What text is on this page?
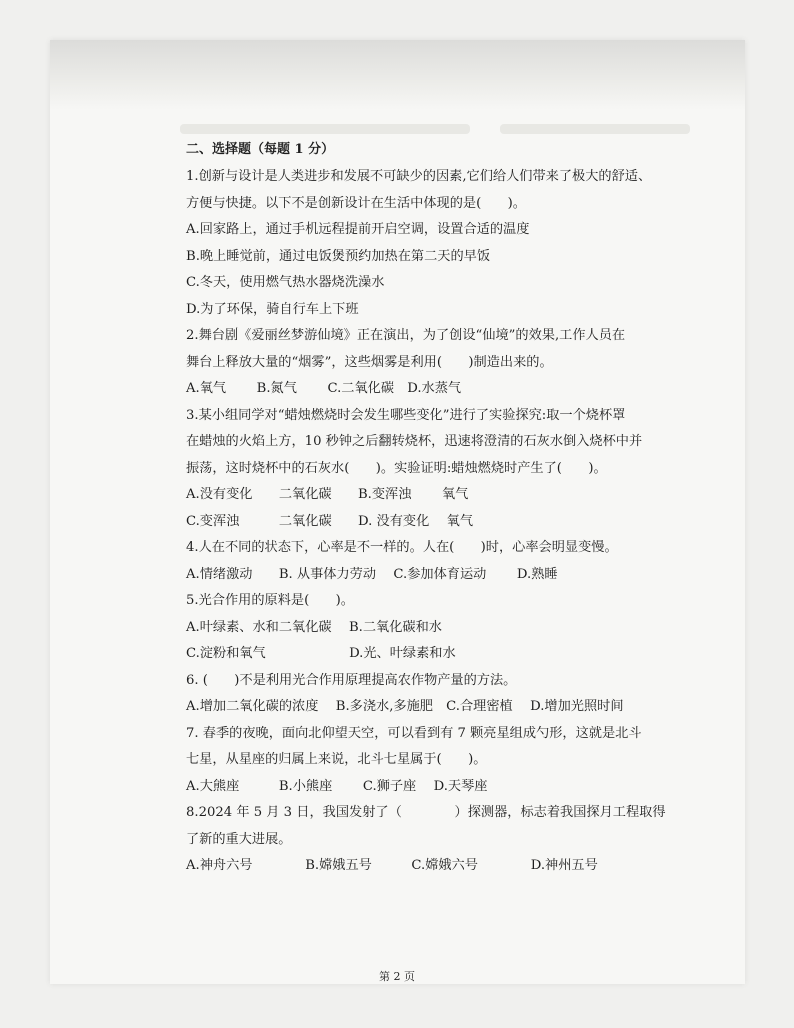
二、选择题（每题 1 分）

1.创新与设计是人类进步和发展不可缺少的因素,它们给人们带来了极大的舒适、

方便与快捷。以下不是创新设计在生活中体现的是(　　)。

A.回家路上，通过手机远程提前开启空调，设置合适的温度
B.晚上睡觉前，通过电饭煲预约加热在第二天的早饭
C.冬天，使用燃气热水器烧洗澡水
D.为了环保，骑自行车上下班

2.舞台剧《爱丽丝梦游仙境》正在演出，为了创设“仙境”的效果,工作人员在

舞台上释放大量的“烟雾”，这些烟雾是利用(　　)制造出来的。

A.氧气　　 B.氮气　　 C.二氧化碳　D.水蒸气

3.某小组同学对“蜡烛燃烧时会发生哪些变化”进行了实验探究:取一个烧杯罩

在蜡烛的火焰上方，10 秒钟之后翻转烧杯，迅速将澄清的石灰水倒入烧杯中并

振荡，这时烧杯中的石灰水(　　)。实验证明:蜡烛燃烧时产生了(　　)。

A.没有变化　　二氧化碳　　B.变浑浊　　 氧气
C.变浑浊　　　二氧化碳　　D. 没有变化　 氧气

4.人在不同的状态下，心率是不一样的。人在(　　)时，心率会明显变慢。

A.情绪激动　　B. 从事体力劳动　 C.参加体育运动　　 D.熟睡

5.光合作用的原料是(　　)。

A.叶绿素、水和二氧化碳　 B.二氧化碳和水
C.淀粉和氧气　　　　　　 D.光、叶绿素和水

6. (　　)不是利用光合作用原理提高农作物产量的方法。

A.增加二氧化碳的浓度　 B.多浇水,多施肥　C.合理密植　 D.增加光照时间

7. 春季的夜晚，面向北仰望天空，可以看到有 7 颗亮星组成勺形，这就是北斗

七星，从星座的归属上来说，北斗七星属于(　　)。

A.大熊座　　　B.小熊座　　 C.狮子座　 D.天琴座

8.2024 年 5 月 3 日，我国发射了（　　　　）探测器，标志着我国探月工程取得

了新的重大进展。

A.神舟六号　　　　B.嫦娥五号　　　C.嫦娥六号　　　　D.神州五号
第 2 页
